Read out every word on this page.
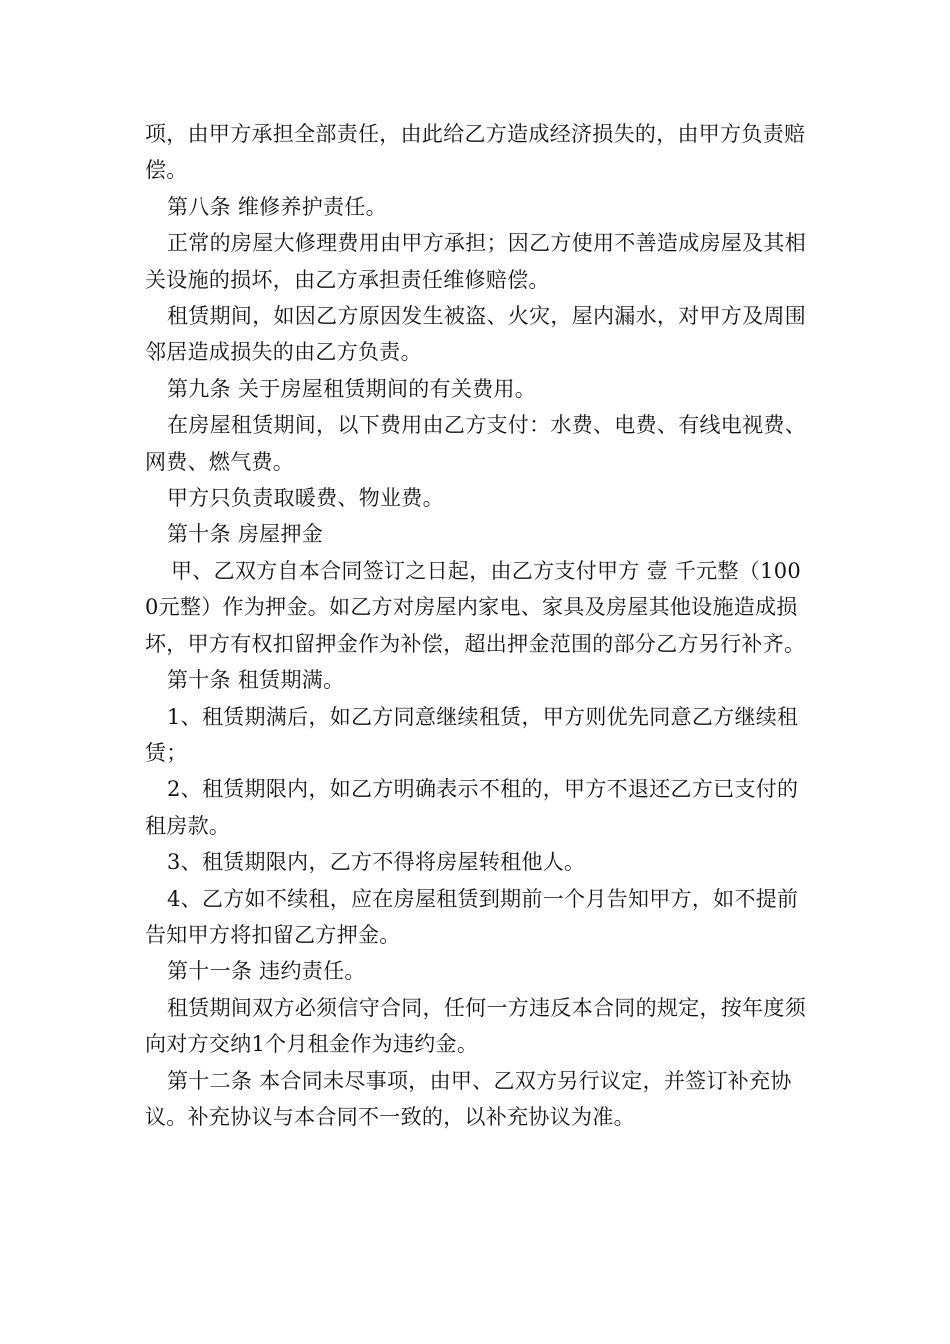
项，由甲方承担全部责任，由此给乙方造成经济损失的，由甲方负责赔偿。

第八条 维修养护责任。

正常的房屋大修理费用由甲方承担；因乙方使用不善造成房屋及其相关设施的损坏，由乙方承担责任维修赔偿。

租赁期间，如因乙方原因发生被盗、火灾，屋内漏水，对甲方及周围邻居造成损失的由乙方负责。

第九条 关于房屋租赁期间的有关费用。

在房屋租赁期间，以下费用由乙方支付：水费、电费、有线电视费、网费、燃气费。

甲方只负责取暖费、物业费。

第十条 房屋押金

甲、乙双方自本合同签订之日起，由乙方支付甲方 壹 千元整（1000元整）作为押金。如乙方对房屋内家电、家具及房屋其他设施造成损坏，甲方有权扣留押金作为补偿，超出押金范围的部分乙方另行补齐。

第十条 租赁期满。

1、租赁期满后，如乙方同意继续租赁，甲方则优先同意乙方继续租赁；

2、租赁期限内，如乙方明确表示不租的，甲方不退还乙方已支付的租房款。

3、租赁期限内，乙方不得将房屋转租他人。

4、乙方如不续租，应在房屋租赁到期前一个月告知甲方，如不提前告知甲方将扣留乙方押金。

第十一条 违约责任。

租赁期间双方必须信守合同，任何一方违反本合同的规定，按年度须向对方交纳1个月租金作为违约金。

第十二条 本合同未尽事项，由甲、乙双方另行议定，并签订补充协议。补充协议与本合同不一致的，以补充协议为准。
